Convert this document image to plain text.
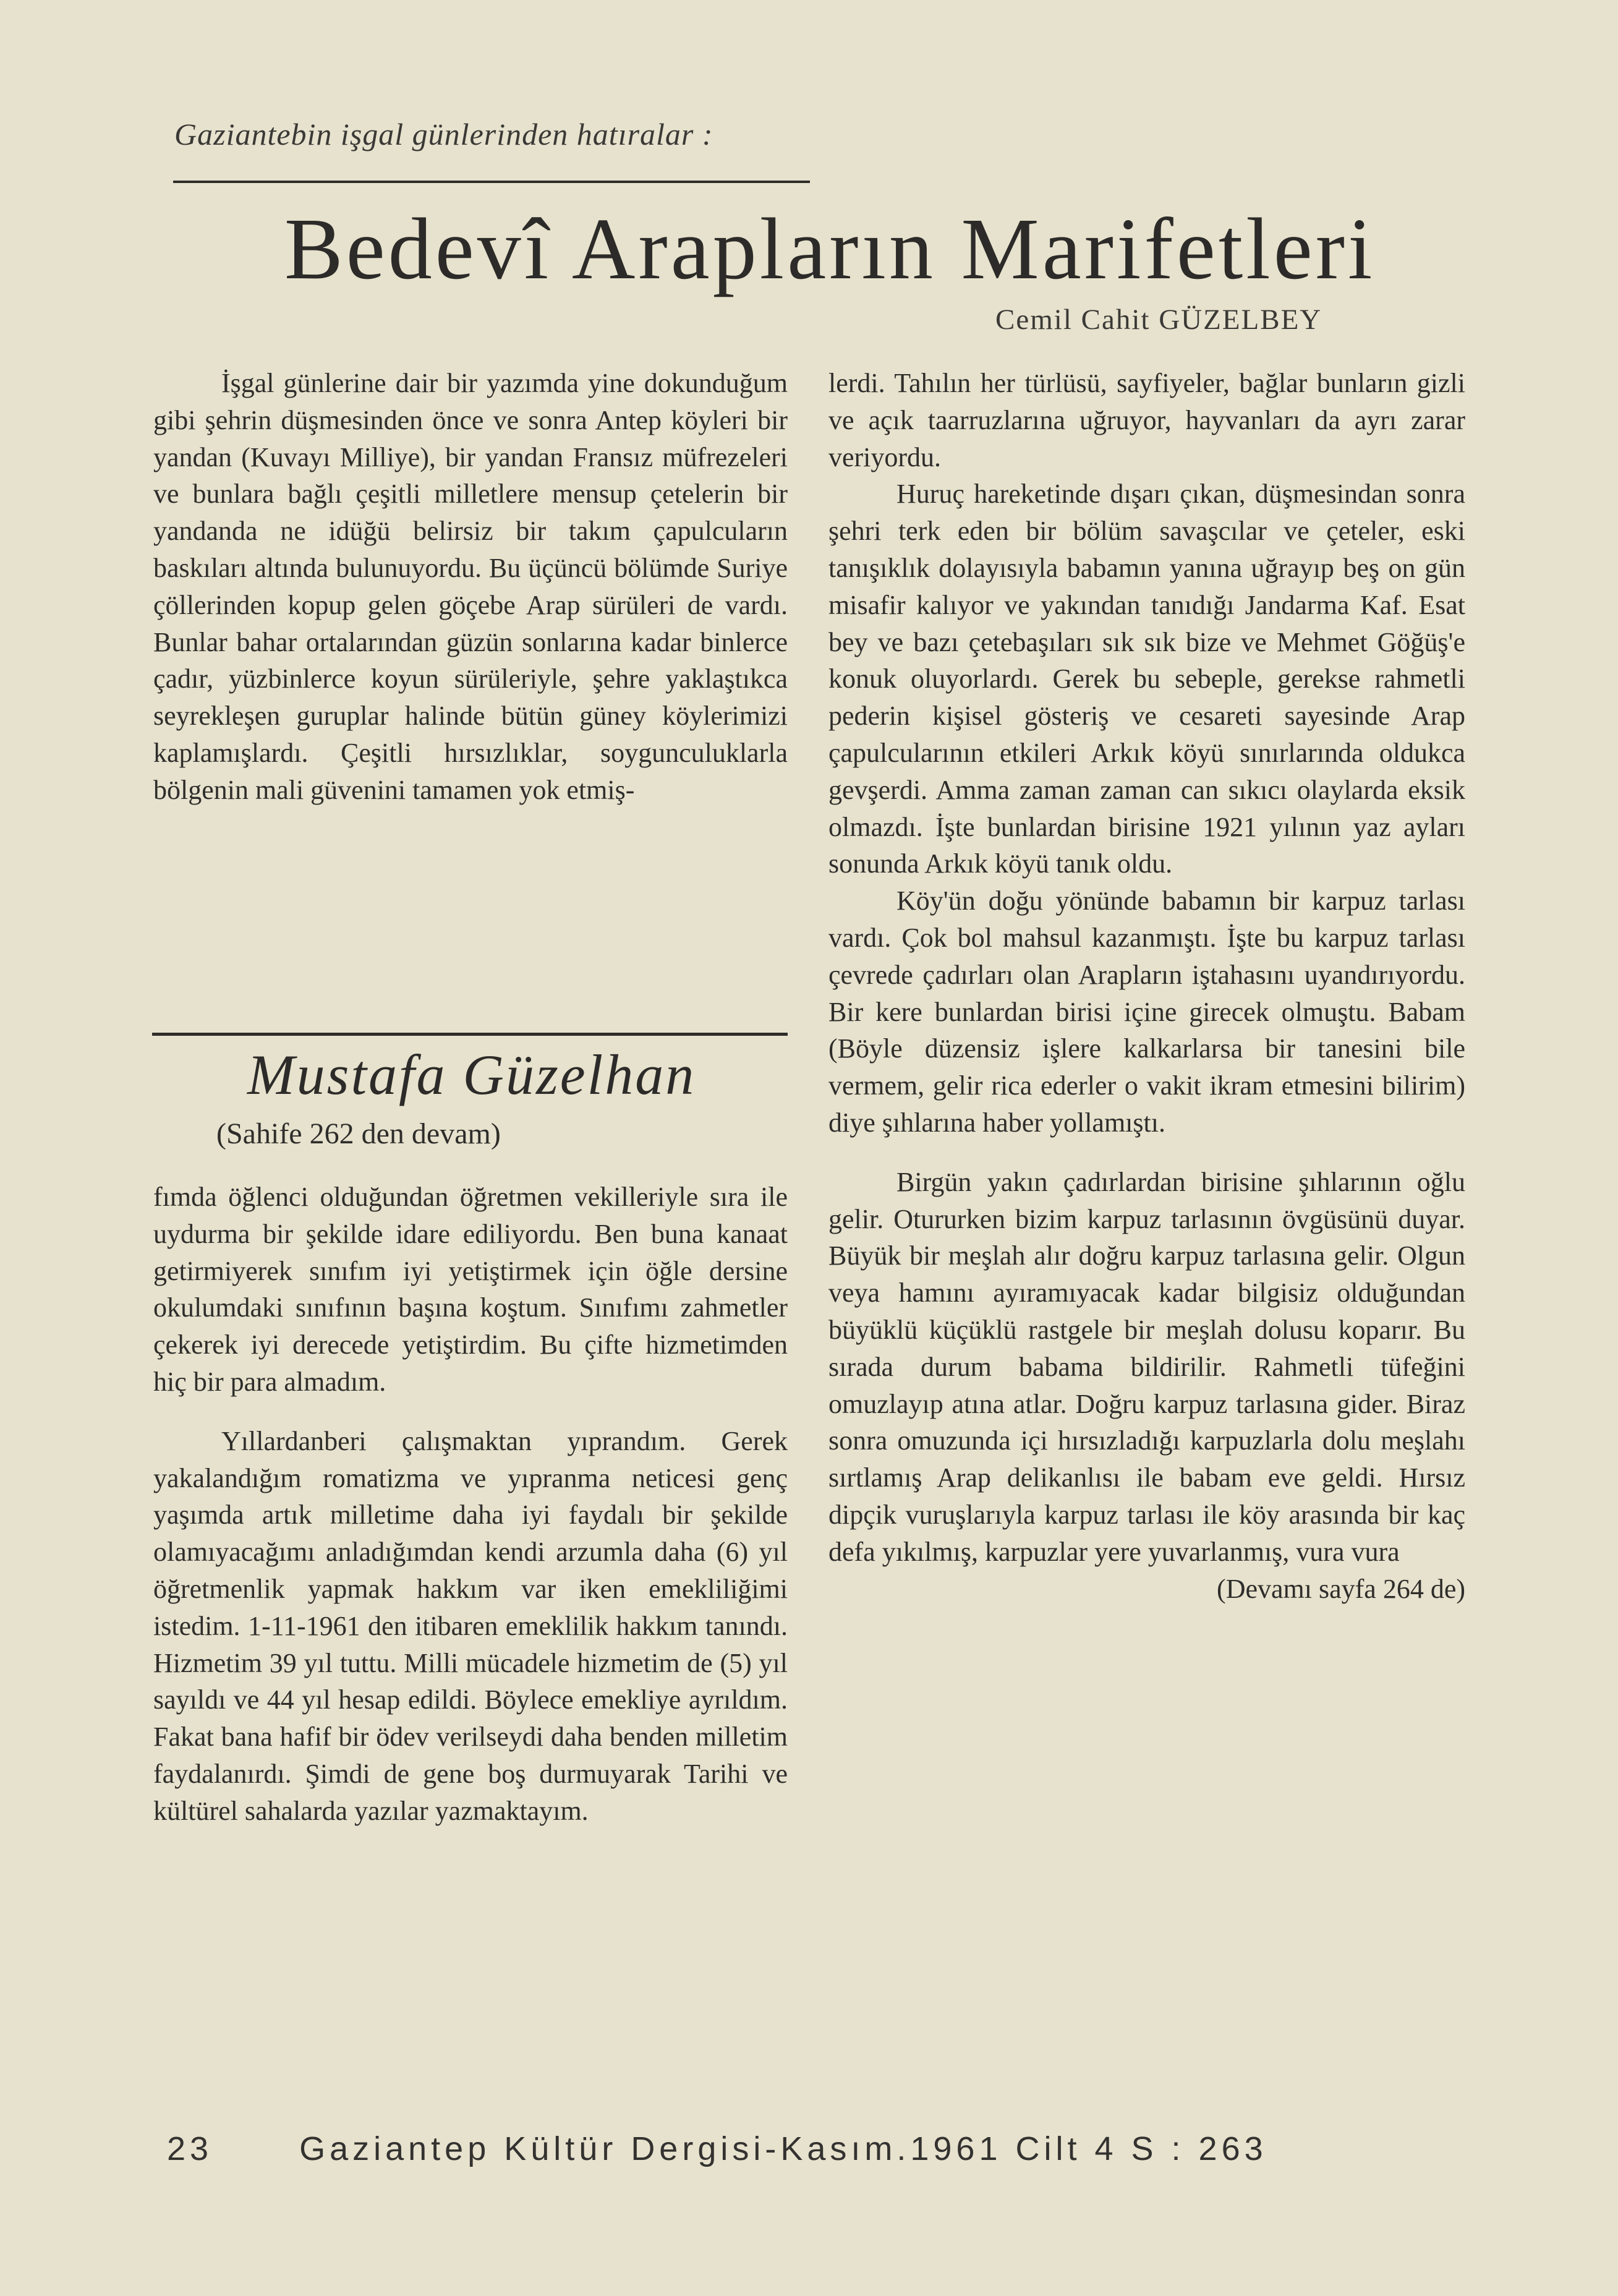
Gaziantebin işgal günlerinden hatıralar :
Bedevî Arapların Marifetleri
Cemil Cahit GÜZELBEY

İşgal günlerine dair bir yazımda yine dokunduğum gibi şehrin düşmesinden önce ve sonra Antep köyleri bir yandan (Kuvayı Milliye), bir yandan Fransız müfrezeleri ve bunlara bağlı çeşitli milletlere mensup çetelerin bir yandanda ne idüğü belirsiz bir takım çapulcuların baskıları altında bulunuyordu. Bu üçüncü bölümde Suriye çöllerinden kopup gelen göçebe Arap sürüleri de vardı. Bunlar bahar ortalarından güzün sonlarına kadar binlerce çadır, yüzbinlerce koyun sürüleriyle, şehre yaklaştıkca seyrekleşen guruplar halinde bütün güney köylerimizi kaplamışlardı. Çeşitli hırsızlıklar, soygunculuklarla bölgenin mali güvenini tamamen yok etmiş-

Mustafa Güzelhan
(Sahife 262 den devam)

fımda öğlenci olduğundan öğretmen vekilleriyle sıra ile uydurma bir şekilde idare ediliyordu. Ben buna kanaat getirmiyerek sınıfım iyi yetiştirmek için öğle dersine okulumdaki sınıfının başına koştum. Sınıfımı zahmetler çekerek iyi derecede yetiştirdim. Bu çifte hizmetimden hiç bir para almadım.

Yıllardanberi çalışmaktan yıprandım. Gerek yakalandığım romatizma ve yıpranma neticesi genç yaşımda artık milletime daha iyi faydalı bir şekilde olamıyacağımı anladığımdan kendi arzumla daha (6) yıl öğretmenlik yapmak hakkım var iken emekliliğimi istedim. 1-11-1961 den itibaren emeklilik hakkım tanındı. Hizmetim 39 yıl tuttu. Milli mücadele hizmetim de (5) yıl sayıldı ve 44 yıl hesap edildi. Böylece emekliye ayrıldım. Fakat bana hafif bir ödev verilseydi daha benden milletim faydalanırdı. Şimdi de gene boş durmuyarak Tarihi ve kültürel sahalarda yazılar yazmaktayım.

lerdi. Tahılın her türlüsü, sayfiyeler, bağlar bunların gizli ve açık taarruzlarına uğruyor, hayvanları da ayrı zarar veriyordu.

Huruç hareketinde dışarı çıkan, düşmesindan sonra şehri terk eden bir bölüm savaşcılar ve çeteler, eski tanışıklık dolayısıyla babamın yanına uğrayıp beş on gün misafir kalıyor ve yakından tanıdığı Jandarma Kaf. Esat bey ve bazı çetebaşıları sık sık bize ve Mehmet Göğüş'e konuk oluyorlardı. Gerek bu sebeple, gerekse rahmetli pederin kişisel gösteriş ve cesareti sayesinde Arap çapulcularının etkileri Arkık köyü sınırlarında oldukca gevşerdi. Amma zaman zaman can sıkıcı olaylarda eksik olmazdı. İşte bunlardan birisine 1921 yılının yaz ayları sonunda Arkık köyü tanık oldu.

Köy'ün doğu yönünde babamın bir karpuz tarlası vardı. Çok bol mahsul kazanmıştı. İşte bu karpuz tarlası çevrede çadırları olan Arapların iştahasını uyandırıyordu. Bir kere bunlardan birisi içine girecek olmuştu. Babam (Böyle düzensiz işlere kalkarlarsa bir tanesini bile vermem, gelir rica ederler o vakit ikram etmesini bilirim) diye şıhlarına haber yollamıştı.

Birgün yakın çadırlardan birisine şıhlarının oğlu gelir. Otururken bizim karpuz tarlasının övgüsünü duyar. Büyük bir meşlah alır doğru karpuz tarlasına gelir. Olgun veya hamını ayıramıyacak kadar bilgisiz olduğundan büyüklü küçüklü rastgele bir meşlah dolusu koparır. Bu sırada durum babama bildirilir. Rahmetli tüfeğini omuzlayıp atına atlar. Doğru karpuz tarlasına gider. Biraz sonra omuzunda içi hırsızladığı karpuzlarla dolu meşlahı sırtlamış Arap delikanlısı ile babam eve geldi. Hırsız dipçik vuruşlarıyla karpuz tarlası ile köy arasında bir kaç defa yıkılmış, karpuzlar yere yuvarlanmış, vura vura

(Devamı sayfa 264 de)

23	Gaziantep Kültür Dergisi-Kasım.1961 Cilt 4 S : 263
